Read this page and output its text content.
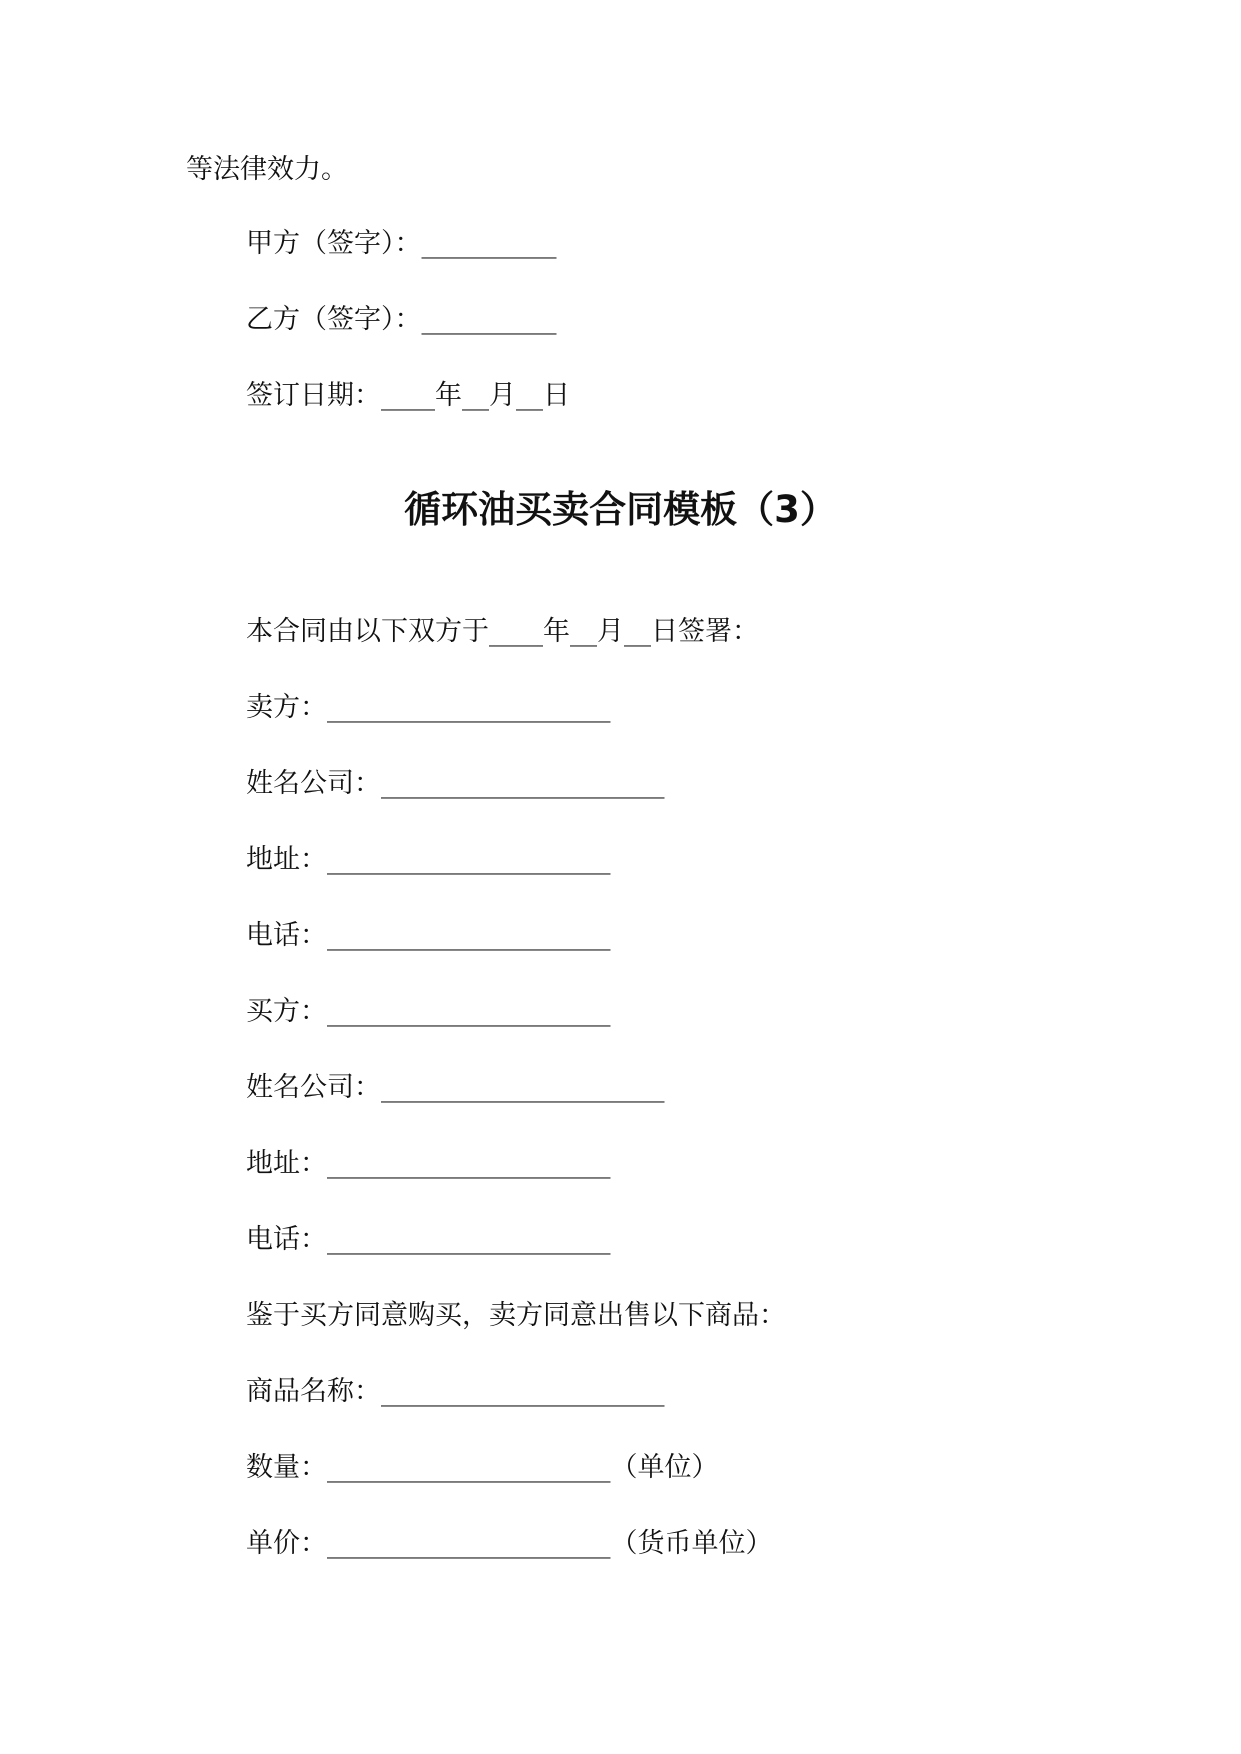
等法律效力。
甲方（签字）：__________
乙方（签字）：__________
签订日期：____年__月__日
循环油买卖合同模板（3）
本合同由以下双方于____年__月__日签署：
卖方：_____________________
姓名公司：_____________________
地址：_____________________
电话：_____________________
买方：_____________________
姓名公司：_____________________
地址：_____________________
电话：_____________________
鉴于买方同意购买，卖方同意出售以下商品：
商品名称：_____________________
数量：_____________________（单位）
单价：_____________________（货币单位）
